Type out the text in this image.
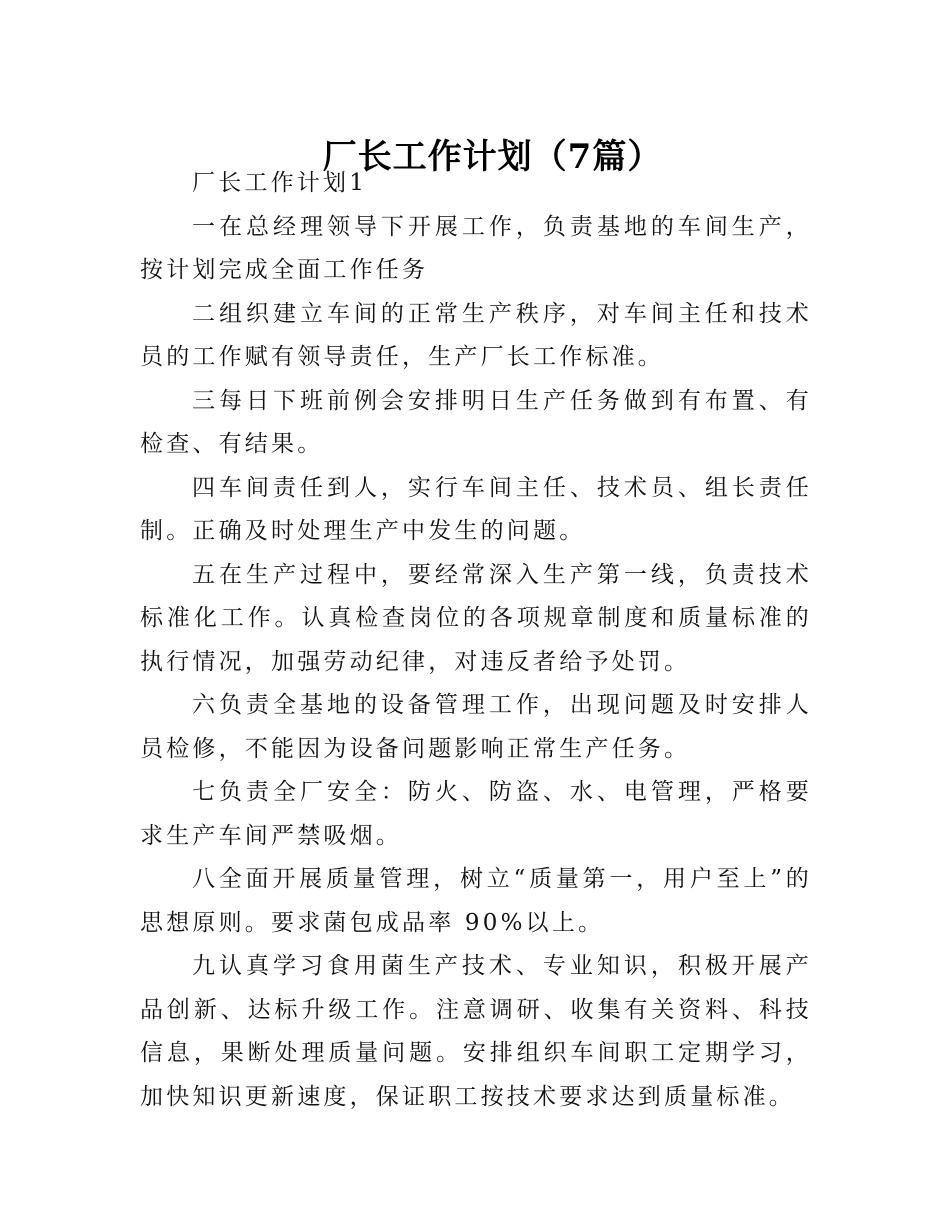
厂长工作计划（7篇）

厂长工作计划1

一在总经理领导下开展工作，负责基地的车间生产，按计划完成全面工作任务

二组织建立车间的正常生产秩序，对车间主任和技术员的工作赋有领导责任，生产厂长工作标准。

三每日下班前例会安排明日生产任务做到有布置、有检查、有结果。

四车间责任到人，实行车间主任、技术员、组长责任制。正确及时处理生产中发生的问题。

五在生产过程中，要经常深入生产第一线，负责技术标准化工作。认真检查岗位的各项规章制度和质量标准的执行情况，加强劳动纪律，对违反者给予处罚。

六负责全基地的设备管理工作，出现问题及时安排人员检修，不能因为设备问题影响正常生产任务。

七负责全厂安全：防火、防盗、水、电管理，严格要求生产车间严禁吸烟。

八全面开展质量管理，树立“质量第一，用户至上”的思想原则。要求菌包成品率 90%以上。

九认真学习食用菌生产技术、专业知识，积极开展产品创新、达标升级工作。注意调研、收集有关资料、科技信息，果断处理质量问题。安排组织车间职工定期学习，加快知识更新速度，保证职工按技术要求达到质量标准。
